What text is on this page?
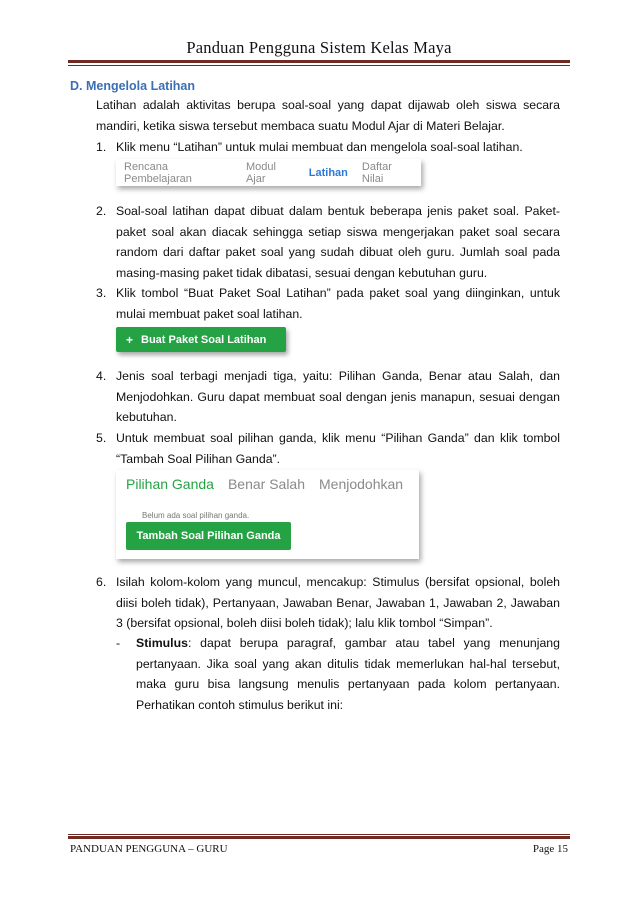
Panduan Pengguna Sistem Kelas Maya
D. Mengelola Latihan
Latihan adalah aktivitas berupa soal-soal yang dapat dijawab oleh siswa secara mandiri, ketika siswa tersebut membaca suatu Modul Ajar di Materi Belajar.
1. Klik menu “Latihan” untuk mulai membuat dan mengelola soal-soal latihan.
Rencana Pembelajaran
Modul Ajar	Latihan Daftar Nilai
2. Soal-soal latihan dapat dibuat dalam bentuk beberapa jenis paket soal. Paket-paket soal akan diacak sehingga setiap siswa mengerjakan paket soal secara random dari daftar paket soal yang sudah dibuat oleh guru. Jumlah soal pada masing-masing paket tidak dibatasi, sesuai dengan kebutuhan guru.
3. Klik tombol “Buat Paket Soal Latihan” pada paket soal yang diinginkan, untuk mulai membuat paket soal latihan.
+ Buat Paket Soal Latihan
4. Jenis soal terbagi menjadi tiga, yaitu: Pilihan Ganda, Benar atau Salah, dan Menjodohkan. Guru dapat membuat soal dengan jenis manapun, sesuai dengan kebutuhan.
5. Untuk membuat soal pilihan ganda, klik menu “Pilihan Ganda” dan klik tombol “Tambah Soal Pilihan Ganda”.
Pilihan Ganda Benar Salah Menjodohkan
Belum ada soal pilihan ganda.
Tambah Soal Pilihan Ganda
6. Isilah kolom-kolom yang muncul, mencakup: Stimulus (bersifat opsional, boleh diisi boleh tidak), Pertanyaan, Jawaban Benar, Jawaban 1, Jawaban 2, Jawaban 3 (bersifat opsional, boleh diisi boleh tidak); lalu klik tombol “Simpan”.
- Stimulus: dapat berupa paragraf, gambar atau tabel yang menunjang pertanyaan. Jika soal yang akan ditulis tidak memerlukan hal-hal tersebut, maka guru bisa langsung menulis pertanyaan pada kolom pertanyaan. Perhatikan contoh stimulus berikut ini:
PANDUAN PENGGUNA – GURU	Page 15
